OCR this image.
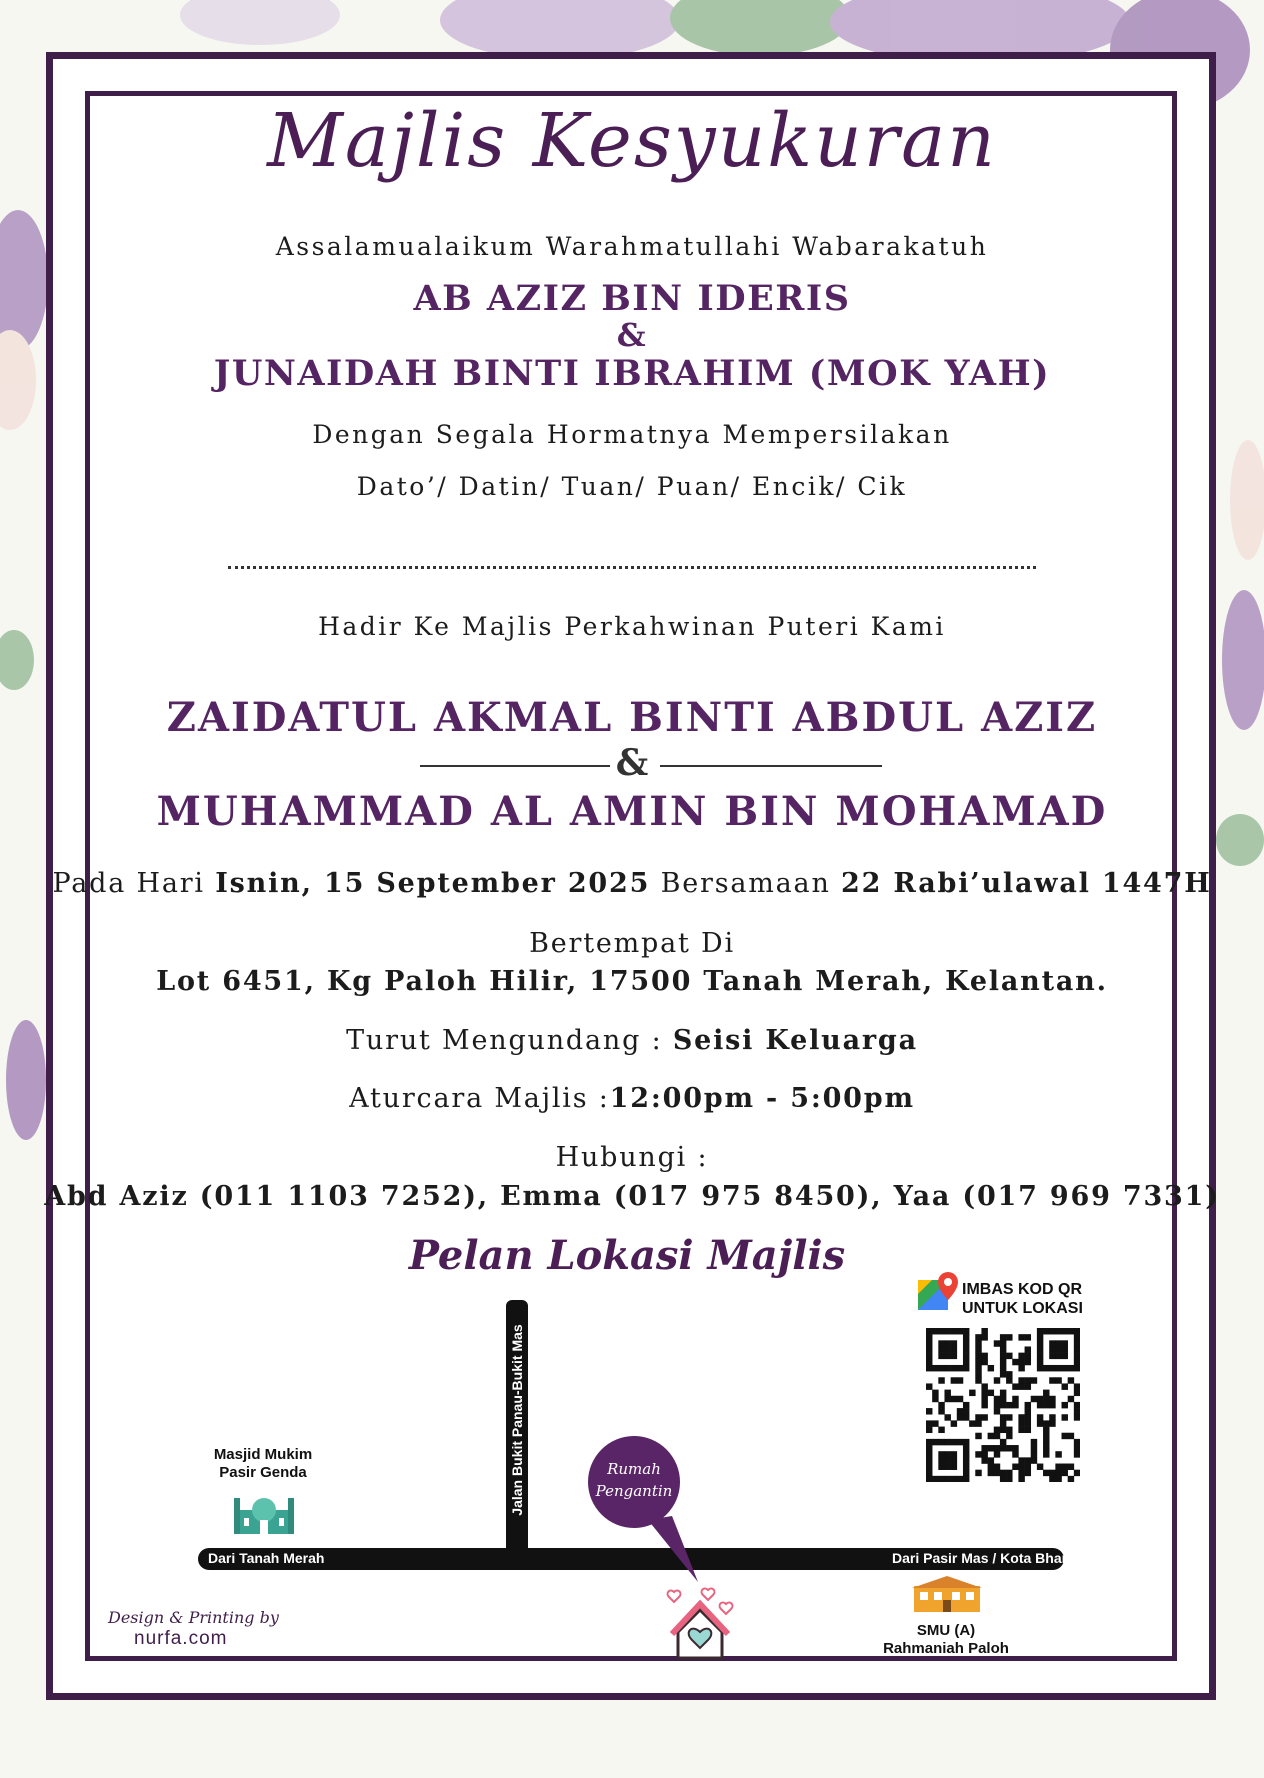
Majlis Kesyukuran
Assalamualaikum Warahmatullahi Wabarakatuh
AB AZIZ BIN IDERIS
&
JUNAIDAH BINTI IBRAHIM (MOK YAH)
Dengan Segala Hormatnya Mempersilakan
Dato’/ Datin/ Tuan/ Puan/ Encik/ Cik
Hadir Ke Majlis Perkahwinan Puteri Kami
ZAIDATUL AKMAL BINTI ABDUL AZIZ
&
MUHAMMAD AL AMIN BIN MOHAMAD
Pada Hari Isnin, 15 September 2025 Bersamaan 22 Rabi’ulawal 1447H
Bertempat Di
Lot 6451, Kg Paloh Hilir, 17500 Tanah Merah, Kelantan.
Turut Mengundang : Seisi Keluarga
Aturcara Majlis :12:00pm - 5:00pm
Hubungi :
Abd Aziz (011 1103 7252), Emma (017 975 8450), Yaa (017 969 7331)
Pelan Lokasi Majlis
Jalan Bukit Panau-Bukit Mas
Dari Tanah Merah	Dari Pasir Mas / Kota Bharu
Masjid Mukim
Pasir Genda	Rumah
Pengantin
SMU (A)
Rahmaniah Paloh
IMBAS KOD QR
UNTUK LOKASI
Design & Printing by
nurfa.com
